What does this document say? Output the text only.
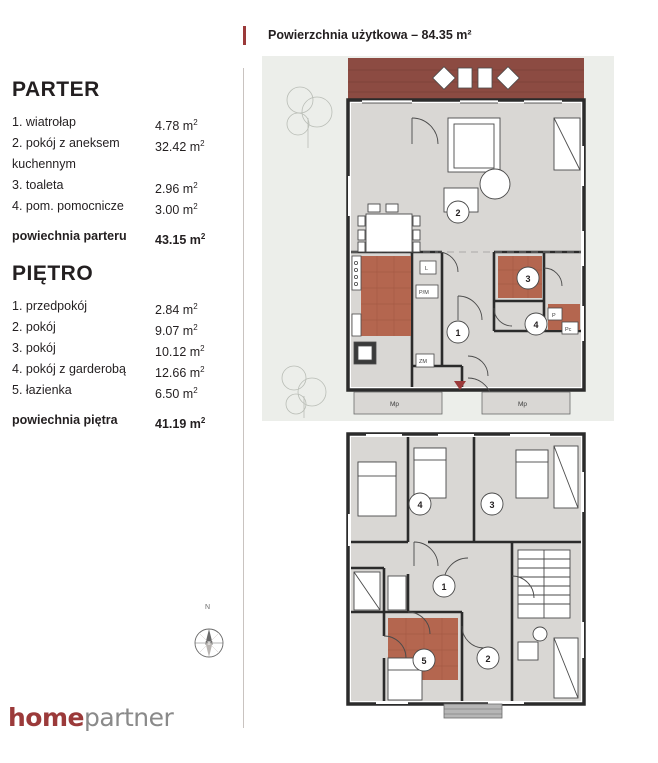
PARTER
1. wiatrołap	4.78 $m^2$
2. pokój z aneksem	32.42 $m^2$
kuchennym
3. toaleta	2.96 $m^2$
4. pom. pomocnicze	3.00 $m^2$
powiechnia parteru	43.15 $m^2$
PIĘTRO
1. przedpokój	2.84 $m^2$
2. pokój	9.07 $m^2$
3. pokój	10.12 $m^2$
4. pokój z garderobą	12.66 $m^2$
5. łazienka	6.50 $m^2$
powiechnia piętra	41.19 $m^2$
N
homepartner
Powierzchnia użytkowa – 84.35 m²
L
P/M
ZM
P
Pc
Mp	Mp
1
2
3
4
1
2
3
4
5
